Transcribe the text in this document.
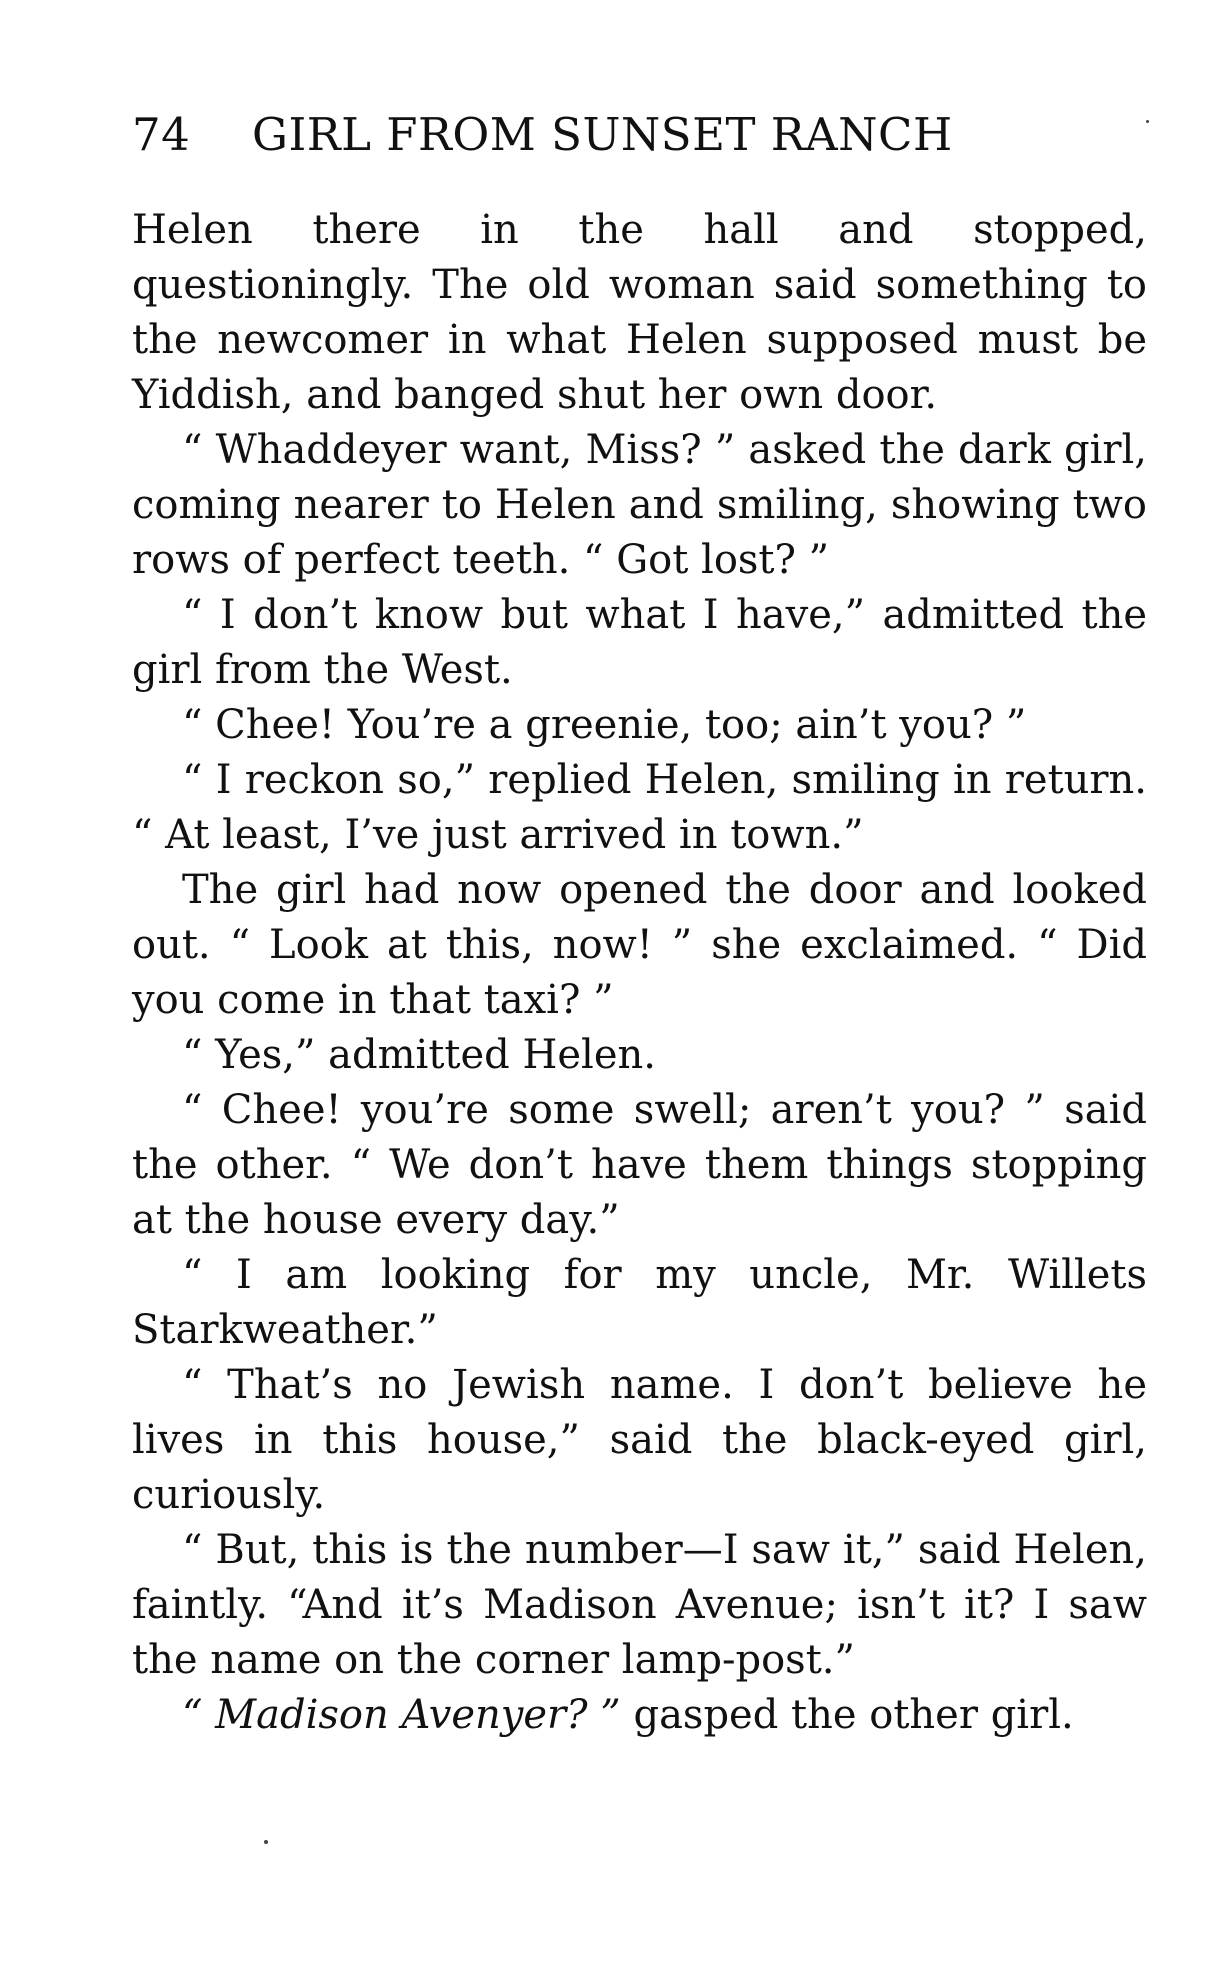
74	GIRL FROM SUNSET RANCH

Helen there in the hall and stopped, questioningly. The old woman said something to the newcomer in what Helen supposed must be Yiddish, and banged shut her own door.

“ Whaddeyer want, Miss? ” asked the dark girl, coming nearer to Helen and smiling, showing two rows of perfect teeth. “ Got lost? ”

“ I don’t know but what I have,” admitted the girl from the West.

“ Chee! You’re a greenie, too; ain’t you? ”

“ I reckon so,” replied Helen, smiling in return. “ At least, I’ve just arrived in town.”

The girl had now opened the door and looked out. “ Look at this, now! ” she exclaimed. “ Did you come in that taxi? ”

“ Yes,” admitted Helen.

“ Chee! you’re some swell; aren’t you? ” said the other. “ We don’t have them things stopping at the house every day.”

“ I am looking for my uncle, Mr. Willets Starkweather.”

“ That’s no Jewish name. I don’t believe he lives in this house,” said the black-eyed girl, curiously.

“ But, this is the number—I saw it,” said Helen, faintly. “And it’s Madison Avenue; isn’t it? I saw the name on the corner lamp-post.”

“ Madison Avenyer? ” gasped the other girl.
